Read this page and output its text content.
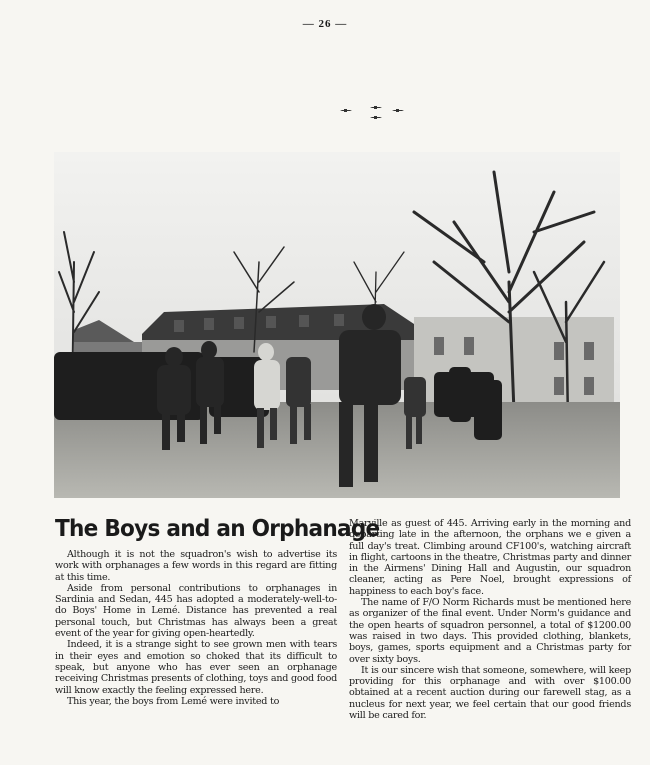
— 26 —
The Boys and an Orphanage

Although it is not the squadron's wish to advertise its work with orphanages a few words in this regard are fitting at this time.

Aside from personal contributions to orphanages in Sardinia and Sedan, 445 has adopted a moderately-well-to-do Boys' Home in Lemé. Distance has prevented a real personal touch, but Christmas has always been a great event of the year for giving open-heartedly.

Indeed, it is a strange sight to see grown men with tears in their eyes and emotion so choked that its difficult to speak, but anyone who has ever seen an orphanage receiving Christmas presents of clothing, toys and good food will know exactly the feeling expressed here.

This year, the boys from Lemé were invited to

Marville as guest of 445. Arriving early in the morning and departing late in the afternoon, the orphans we e given a full day's treat. Climbing around CF100's, watching aircraft in flight, cartoons in the theatre, Christmas party and dinner in the Airmens' Dining Hall and Augustin, our squadron cleaner, acting as Pere Noel, brought expressions of happiness to each boy's face.

The name of F/O Norm Richards must be mentioned here as organizer of the final event. Under Norm's guidance and the open hearts of squadron personnel, a total of $1200.00 was raised in two days. This provided clothing, blankets, boys, games, sports equipment and a Christmas party for over sixty boys.

It is our sincere wish that someone, somewhere, will keep providing for this orphanage and with over $100.00 obtained at a recent auction during our farewell stag, as a nucleus for next year, we feel certain that our good friends will be cared for.
